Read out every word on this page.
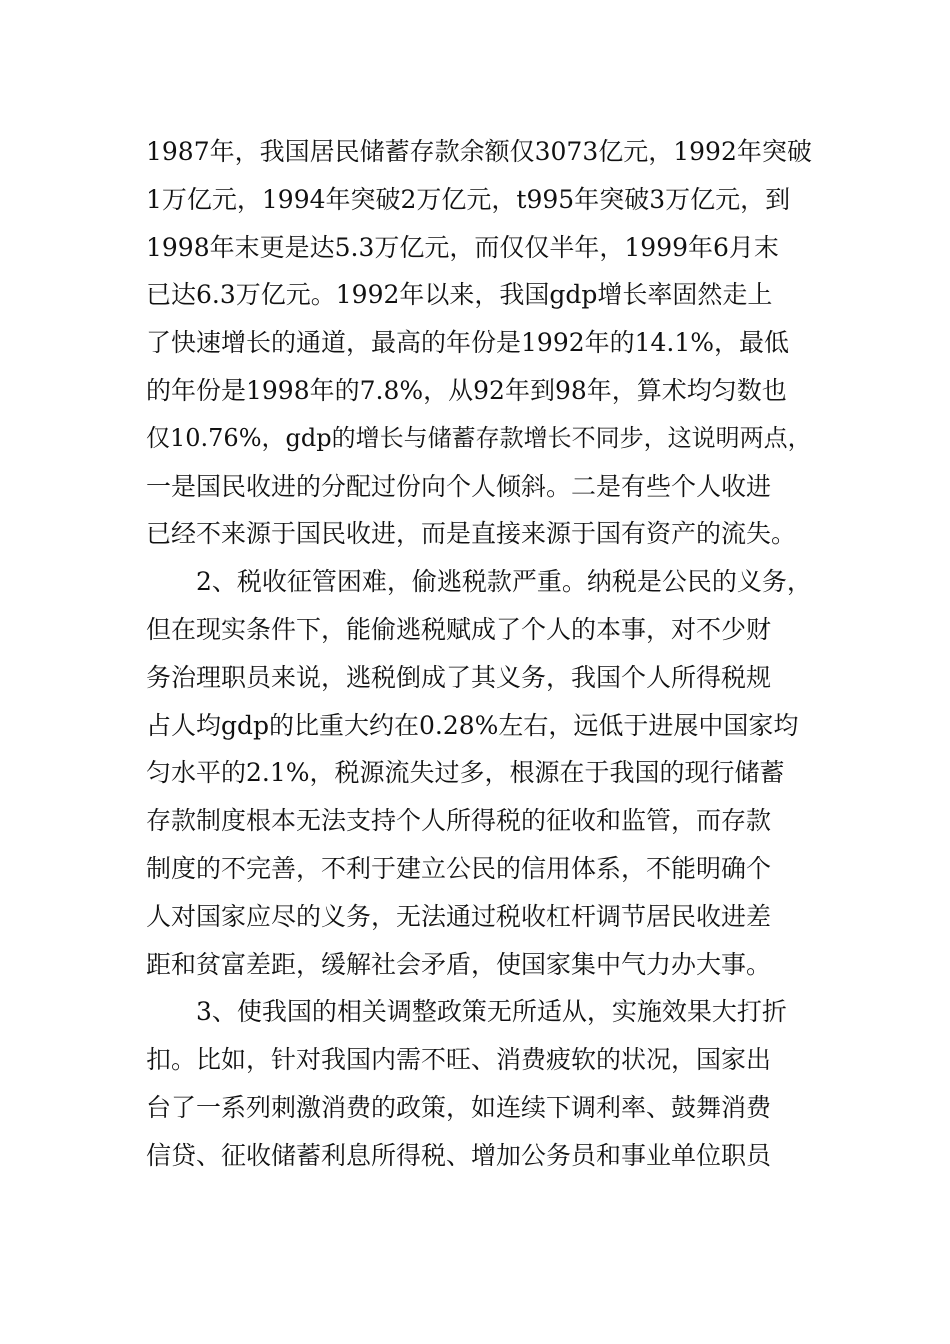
1987年，我国居民储蓄存款余额仅3073亿元，1992年突破
1万亿元，1994年突破2万亿元，t995年突破3万亿元，到
1998年末更是达5.3万亿元，而仅仅半年，1999年6月末
已达6.3万亿元。1992年以来，我国gdp增长率固然走上
了快速增长的通道，最高的年份是1992年的14.1%，最低
的年份是1998年的7.8%，从92年到98年，算术均匀数也
仅10.76%，gdp的增长与储蓄存款增长不同步，这说明两点，
一是国民收进的分配过份向个人倾斜。二是有些个人收进
已经不来源于国民收进，而是直接来源于国有资产的流失。

　　2、税收征管困难，偷逃税款严重。纳税是公民的义务，
但在现实条件下，能偷逃税赋成了个人的本事，对不少财
务治理职员来说，逃税倒成了其义务，我国个人所得税规
占人均gdp的比重大约在0.28%左右，远低于进展中国家均
匀水平的2.1%，税源流失过多，根源在于我国的现行储蓄
存款制度根本无法支持个人所得税的征收和监管，而存款
制度的不完善，不利于建立公民的信用体系，不能明确个
人对国家应尽的义务，无法通过税收杠杆调节居民收进差
距和贫富差距，缓解社会矛盾，使国家集中气力办大事。

　　3、使我国的相关调整政策无所适从，实施效果大打折
扣。比如，针对我国内需不旺、消费疲软的状况，国家出
台了一系列刺激消费的政策，如连续下调利率、鼓舞消费
信贷、征收储蓄利息所得税、增加公务员和事业单位职员
